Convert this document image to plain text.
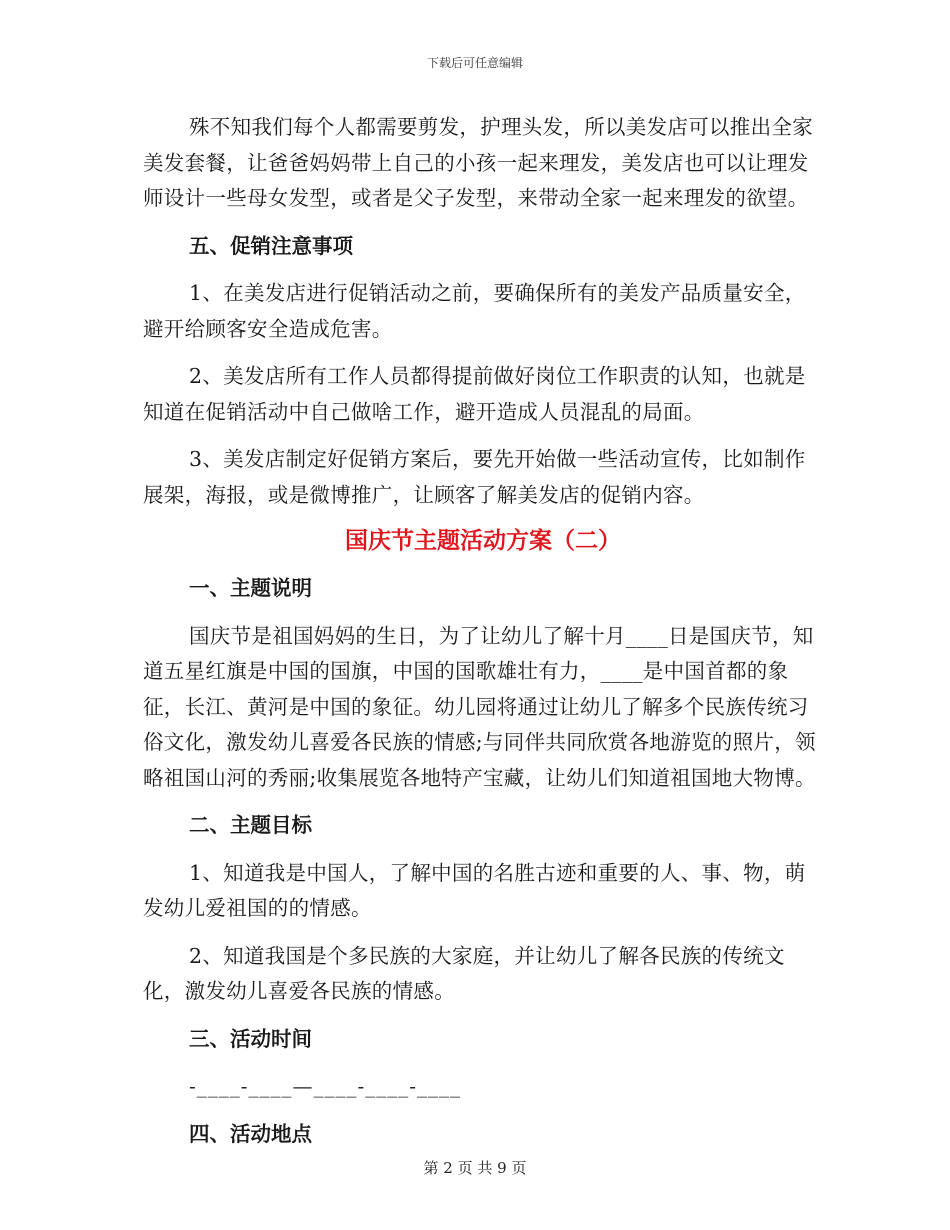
下载后可任意编辑

殊不知我们每个人都需要剪发，护理头发，所以美发店可以推出全家美发套餐，让爸爸妈妈带上自己的小孩一起来理发，美发店也可以让理发师设计一些母女发型，或者是父子发型，来带动全家一起来理发的欲望。

五、促销注意事项

1、在美发店进行促销活动之前，要确保所有的美发产品质量安全，避开给顾客安全造成危害。

2、美发店所有工作人员都得提前做好岗位工作职责的认知，也就是知道在促销活动中自己做啥工作，避开造成人员混乱的局面。

3、美发店制定好促销方案后，要先开始做一些活动宣传，比如制作展架，海报，或是微博推广，让顾客了解美发店的促销内容。

国庆节主题活动方案（二）
一、主题说明

国庆节是祖国妈妈的生日，为了让幼儿了解十月____日是国庆节，知道五星红旗是中国的国旗，中国的国歌雄壮有力，____是中国首都的象征，长江、黄河是中国的象征。幼儿园将通过让幼儿了解多个民族传统习俗文化，激发幼儿喜爱各民族的情感;与同伴共同欣赏各地游览的照片，领略祖国山河的秀丽;收集展览各地特产宝藏，让幼儿们知道祖国地大物博。

二、主题目标

1、知道我是中国人，了解中国的名胜古迹和重要的人、事、物，萌发幼儿爱祖国的的情感。

2、知道我国是个多民族的大家庭，并让幼儿了解各民族的传统文化，激发幼儿喜爱各民族的情感。

三、活动时间
-____-____—____-____-____
四、活动地点
第 2 页 共 9 页
